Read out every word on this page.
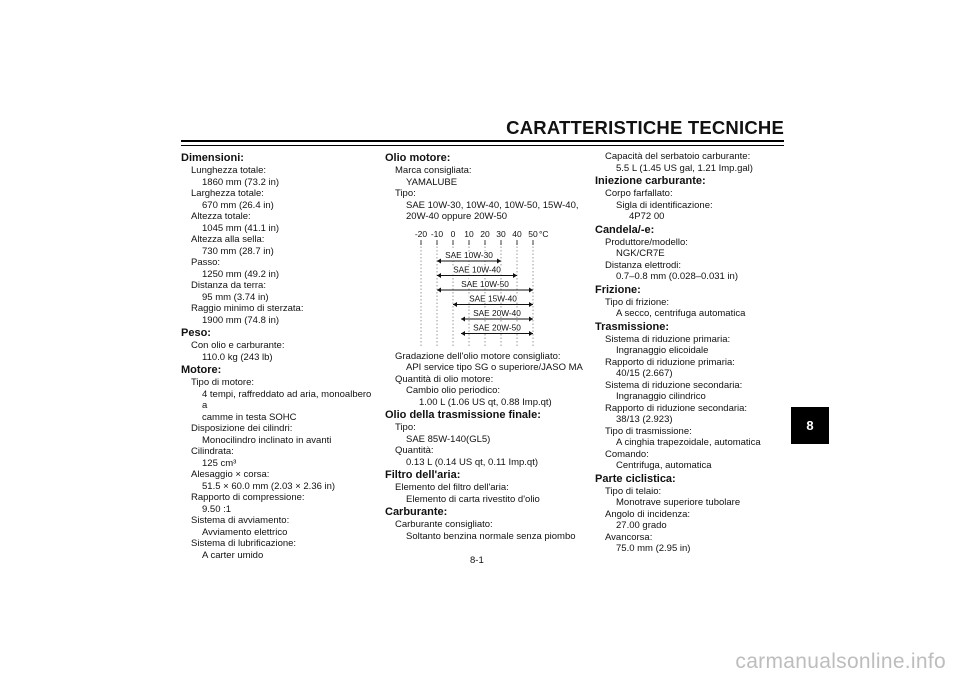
CARATTERISTICHE TECNICHE
Dimensioni:
Lunghezza totale:
1860 mm (73.2 in)
Larghezza totale:
670 mm (26.4 in)
Altezza totale:
1045 mm (41.1 in)
Altezza alla sella:
730 mm (28.7 in)
Passo:
1250 mm (49.2 in)
Distanza da terra:
95 mm (3.74 in)
Raggio minimo di sterzata:
1900 mm (74.8 in)
Peso:
Con olio e carburante:
110.0 kg (243 lb)
Motore:
Tipo di motore:
4 tempi, raffreddato ad aria, monoalbero a
camme in testa SOHC
Disposizione dei cilindri:
Monocilindro inclinato in avanti
Cilindrata:
125 cm³
Alesaggio × corsa:
51.5 × 60.0 mm (2.03 × 2.36 in)
Rapporto di compressione:
9.50 :1
Sistema di avviamento:
Avviamento elettrico
Sistema di lubrificazione:
A carter umido
Olio motore:
Marca consigliata:
YAMALUBE
Tipo:
SAE 10W-30, 10W-40, 10W-50, 15W-40,
20W-40 oppure 20W-50
-20 -10 0 10 20 30 40 50 °C
SAE 10W-30
SAE 10W-40
SAE 10W-50
SAE 15W-40
SAE 20W-40
SAE 20W-50
Gradazione dell'olio motore consigliato:
API service tipo SG o superiore/JASO MA
Quantità di olio motore:
Cambio olio periodico:
1.00 L (1.06 US qt, 0.88 Imp.qt)
Olio della trasmissione finale:
Tipo:
SAE 85W-140(GL5)
Quantità:
0.13 L (0.14 US qt, 0.11 Imp.qt)
Filtro dell'aria:
Elemento del filtro dell'aria:
Elemento di carta rivestito d'olio
Carburante:
Carburante consigliato:
Soltanto benzina normale senza piombo
Capacità del serbatoio carburante:
5.5 L (1.45 US gal, 1.21 Imp.gal)
Iniezione carburante:
Corpo farfallato:
Sigla di identificazione:
4P72 00
Candela/-e:
Produttore/modello:
NGK/CR7E
Distanza elettrodi:
0.7–0.8 mm (0.028–0.031 in)
Frizione:
Tipo di frizione:
A secco, centrifuga automatica
Trasmissione:
Sistema di riduzione primaria:
Ingranaggio elicoidale
Rapporto di riduzione primaria:
40/15 (2.667)
Sistema di riduzione secondaria:
Ingranaggio cilindrico
Rapporto di riduzione secondaria:
38/13 (2.923)
Tipo di trasmissione:
A cinghia trapezoidale, automatica
Comando:
Centrifuga, automatica
Parte ciclistica:
Tipo di telaio:
Monotrave superiore tubolare
Angolo di incidenza:
27.00 grado
Avancorsa:
75.0 mm (2.95 in)
8
8-1
carmanualsonline.info
